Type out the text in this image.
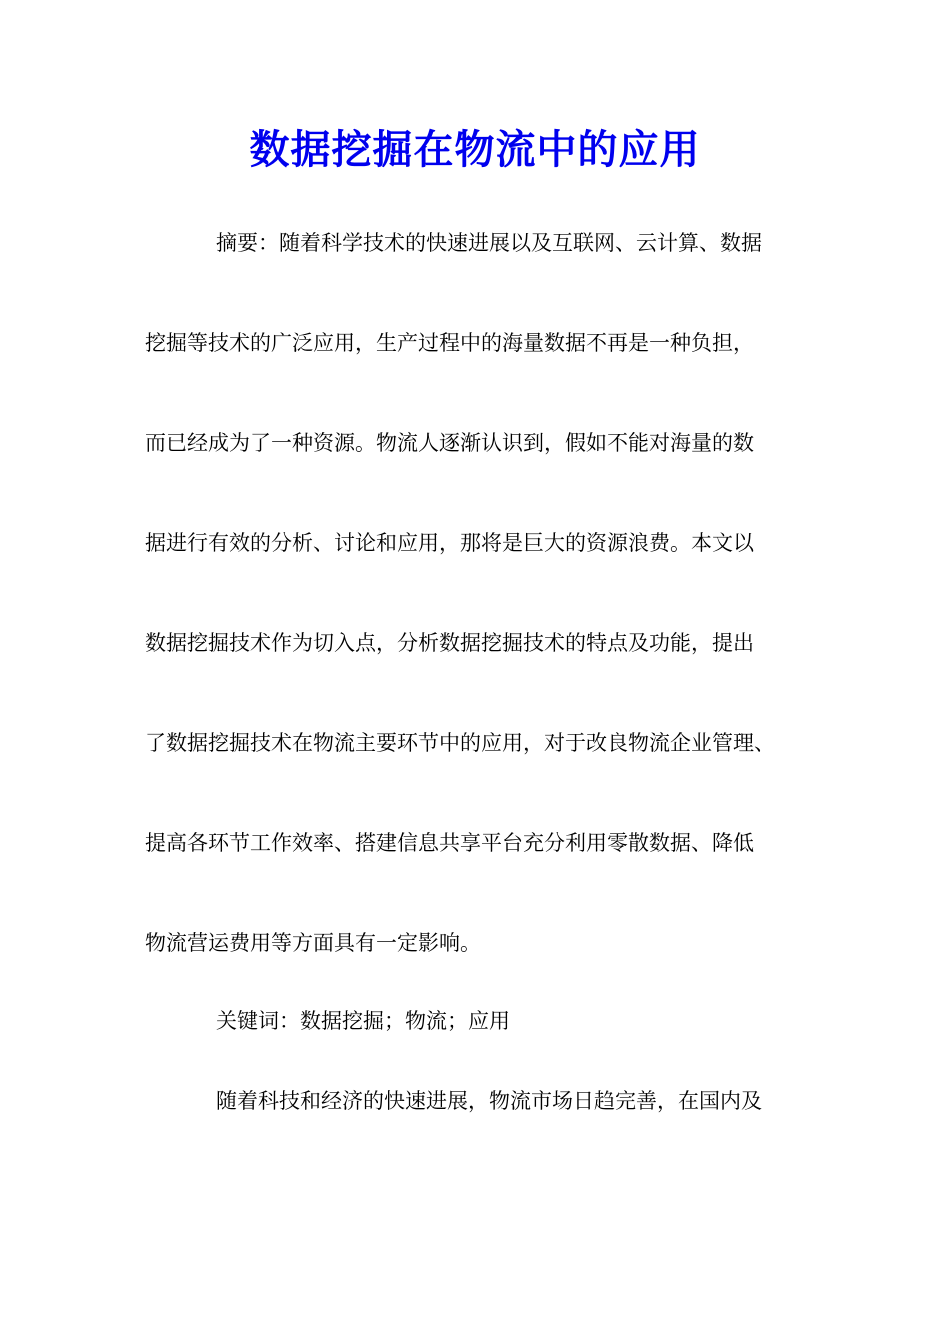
数据挖掘在物流中的应用
摘要：随着科学技术的快速进展以及互联网、云计算、数据
挖掘等技术的广泛应用，生产过程中的海量数据不再是一种负担，
而已经成为了一种资源。物流人逐渐认识到，假如不能对海量的数
据进行有效的分析、讨论和应用，那将是巨大的资源浪费。本文以
数据挖掘技术作为切入点，分析数据挖掘技术的特点及功能，提出
了数据挖掘技术在物流主要环节中的应用，对于改良物流企业管理、
提高各环节工作效率、搭建信息共享平台充分利用零散数据、降低
物流营运费用等方面具有一定影响。
关键词：数据挖掘；物流；应用
随着科技和经济的快速进展，物流市场日趋完善，在国内及
